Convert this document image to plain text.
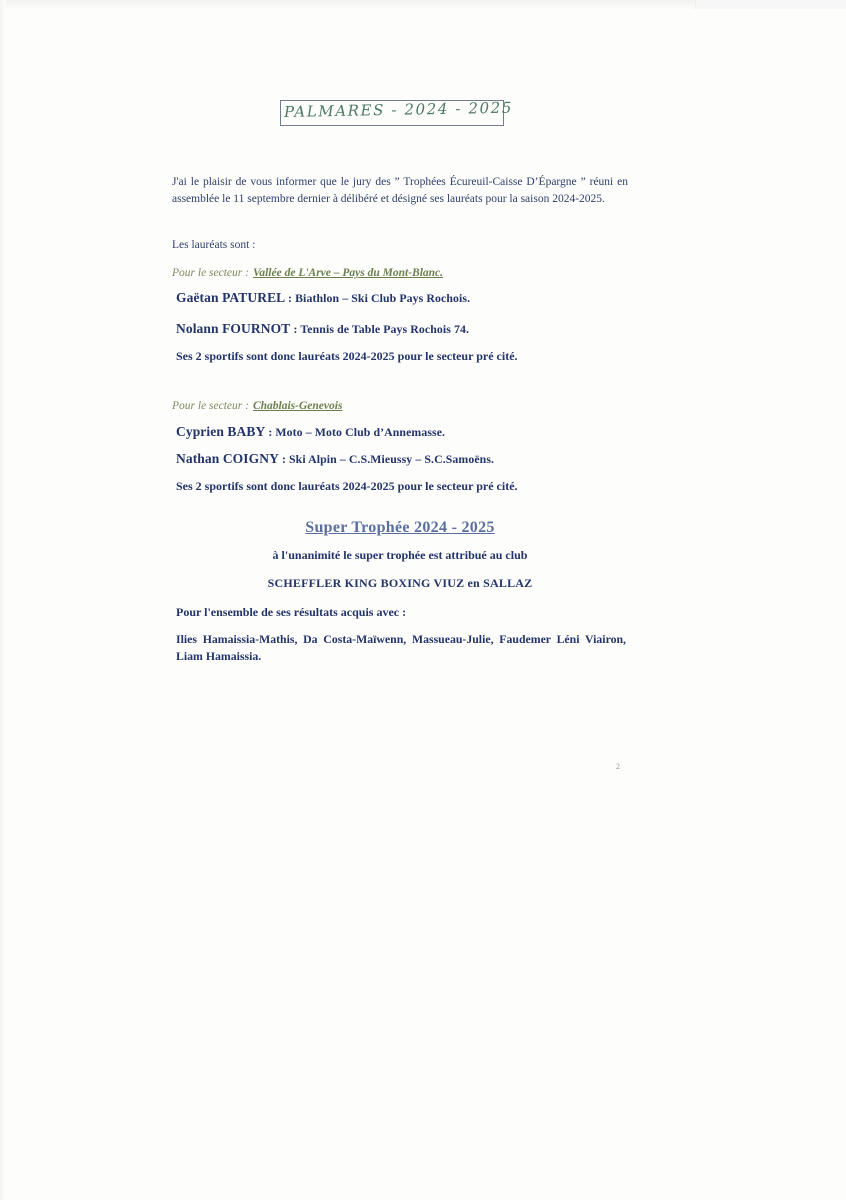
PALMARES - 2024 - 2025
J'ai le plaisir de vous informer que le jury des ” Trophées Écureuil-Caisse D’Épargne ” réuni en assemblée le 11 septembre dernier à délibéré et désigné ses lauréats pour la saison 2024-2025.
Les lauréats sont :
Pour le secteur : Vallée de L'Arve – Pays du Mont-Blanc.
Gaëtan PATUREL : Biathlon – Ski Club Pays Rochois.
Nolann FOURNOT : Tennis de Table Pays Rochois 74.
Ses 2 sportifs sont donc lauréats 2024-2025 pour le secteur pré cité.
Pour le secteur : Chablais-Genevois
Cyprien BABY : Moto – Moto Club d’Annemasse.
Nathan COIGNY : Ski Alpin – C.S.Mieussy – S.C.Samoëns.
Ses 2 sportifs sont donc lauréats 2024-2025 pour le secteur pré cité.
Super Trophée 2024 - 2025
à l'unanimité le super trophée est attribué au club
SCHEFFLER KING BOXING VIUZ en SALLAZ
Pour l'ensemble de ses résultats acquis avec :
Ilies Hamaissia-Mathis, Da Costa-Maïwenn, Massueau-Julie, Faudemer Léni Viairon, Liam Hamaissia.
2
